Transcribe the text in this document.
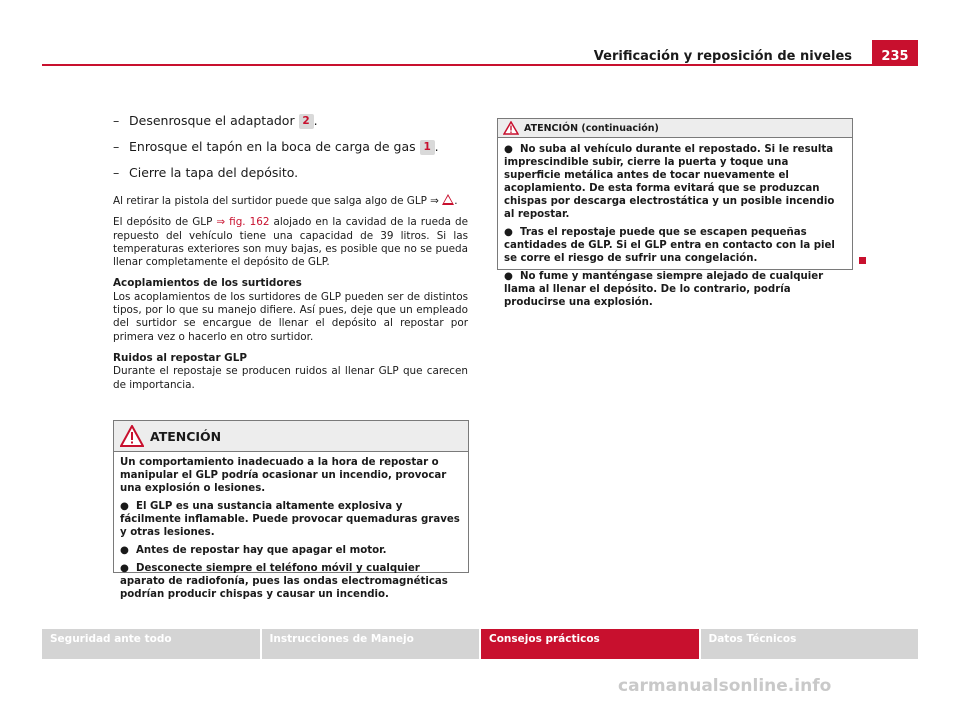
Verificación y reposición de niveles	235
– Desenrosque el adaptador 2 .
– Enrosque el tapón en la boca de carga de gas 1 .
– Cierre la tapa del depósito.

Al retirar la pistola del surtidor puede que salga algo de GLP ⇒ .

El depósito de GLP ⇒ fig. 162 alojado en la cavidad de la rueda de repuesto del vehículo tiene una capacidad de 39 litros. Si las temperaturas exteriores son muy bajas, es posible que no se pueda llenar completamente el depósito de GLP.

Acoplamientos de los surtidores

Los acoplamientos de los surtidores de GLP pueden ser de distintos tipos, por lo que su manejo difiere. Así pues, deje que un empleado del surtidor se encargue de llenar el depósito al repostar por primera vez o hacerlo en otro surtidor.

Ruidos al repostar GLP

Durante el repostaje se producen ruidos al llenar GLP que carecen de importancia.

ATENCIÓN

Un comportamiento inadecuado a la hora de repostar o manipular el GLP podría ocasionar un incendio, provocar una explosión o lesiones.

●  El GLP es una sustancia altamente explosiva y fácilmente inflamable. Puede provocar quemaduras graves y otras lesiones.

●  Antes de repostar hay que apagar el motor.

●  Desconecte siempre el teléfono móvil y cualquier aparato de radiofonía, pues las ondas electromagnéticas podrían producir chispas y causar un incendio.

ATENCIÓN (continuación)

●  No suba al vehículo durante el repostado. Si le resulta imprescindible subir, cierre la puerta y toque una superficie metálica antes de tocar nuevamente el acoplamiento. De esta forma evitará que se produzcan chispas por descarga electrostática y un posible incendio al repostar.

●  Tras el repostaje puede que se escapen pequeñas cantidades de GLP. Si el GLP entra en contacto con la piel se corre el riesgo de sufrir una congelación.

●  No fume y manténgase siempre alejado de cualquier llama al llenar el depósito. De lo contrario, podría producirse una explosión.

Seguridad ante todo	Instrucciones de Manejo	Consejos prácticos	Datos Técnicos
carmanualsonline.info
